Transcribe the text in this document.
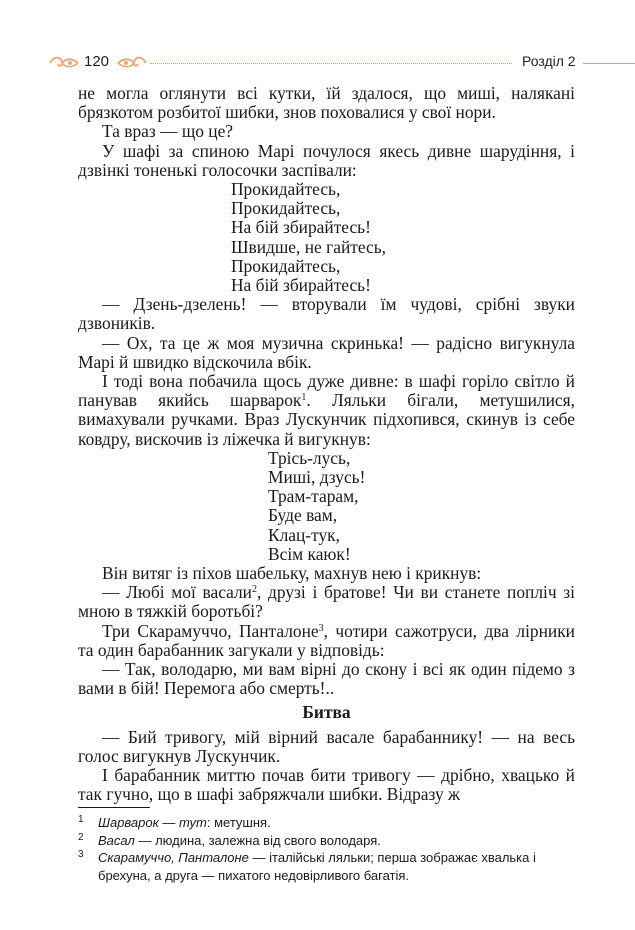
120	Розділ 2

не могла оглянути всі кутки, їй здалося, що миші, налякані брязкотом розбитої шибки, знов поховалися у свої нори.

Та враз — що це?

У шафі за спиною Марі почулося якесь дивне шарудіння, і дзвінкі тоненькі голосочки заспівали:

Прокидайтесь,
Прокидайтесь,
На бій збирайтесь!
Швидше, не гайтесь,
Прокидайтесь,
На бій збирайтесь!

— Дзень-дзелень! — вторували їм чудові, срібні звуки дзвоників.

— Ох, та це ж моя музична скринька! — радісно вигукнула Марі й швидко відскочила вбік.

І тоді вона побачила щось дуже дивне: в шафі горіло світло й панував якийсь шарварок$^1$. Ляльки бігали, метушилися, вимахували ручками. Враз Лускунчик підхопився, скинув із себе ковдру, вискочив із ліжечка й вигукнув:

Трісь-лусь,
Миші, дзусь!
Трам-тарам,
Буде вам,
Клац-тук,
Всім каюк!

Він витяг із піхов шабельку, махнув нею і крикнув:

— Любі мої васали$^2$, друзі і братове! Чи ви станете попліч зі мною в тяжкій боротьбі?

Три Скарамуччо, Панталоне$^3$, чотири сажотруси, два лірники та один барабанник загукали у відповідь:

— Так, володарю, ми вам вірні до скону і всі як один підемо з вами в бій! Перемога або смерть!..

Битва

— Бий тривогу, мій вірний васале барабаннику! — на весь голос вигукнув Лускунчик.

І барабанник миттю почав бити тривогу — дрібно, хвацько й так гучно, що в шафі забряжчали шибки. Відразу ж

1 Шарварок — тут: метушня.
2 Васал — людина, залежна від свого володаря.
3 Скарамуччо, Панталоне — італійські ляльки; перша зображає хвалька і брехуна, а друга — пихатого недовірливого багатія.
